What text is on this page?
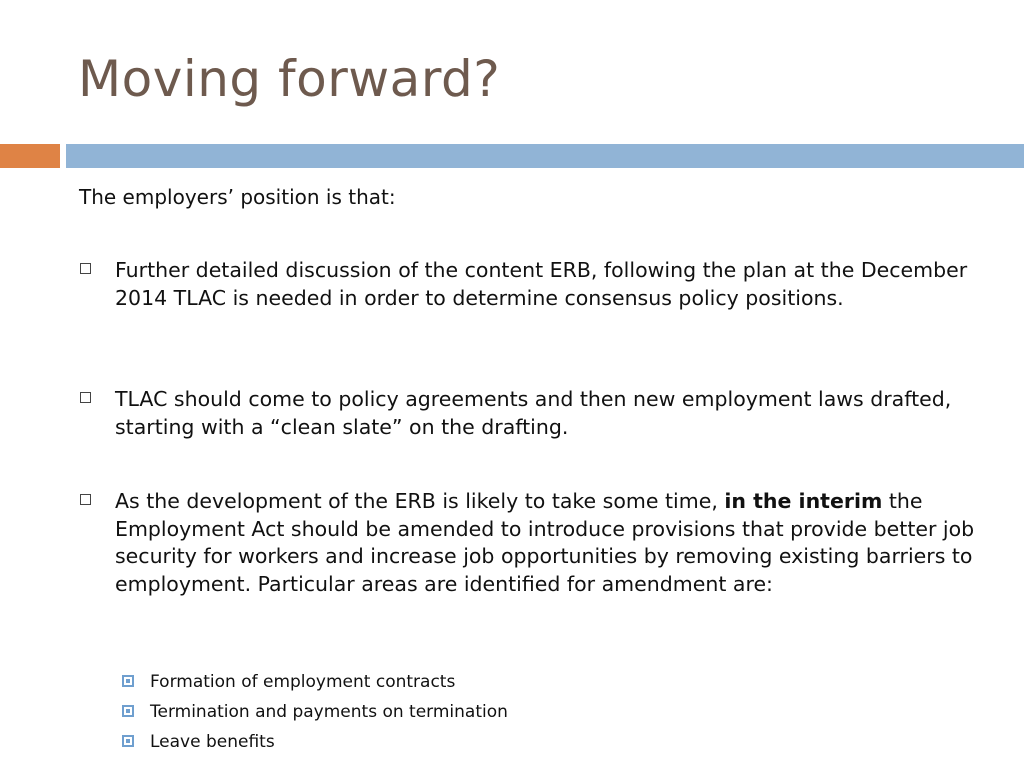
Moving forward?
The employers’ position is that:
Further detailed discussion of the content ERB, following the plan at the December 2014 TLAC is needed in order to determine consensus policy positions.
TLAC should come to policy agreements and then new employment laws drafted, starting with a “clean slate” on the drafting.
As the development of the ERB is likely to take some time, in the interim the Employment Act should be amended to introduce provisions that provide better job security for workers and increase job opportunities by removing existing barriers to employment. Particular areas are identified for amendment are:
Formation of employment contracts
Termination and payments on termination
Leave benefits
